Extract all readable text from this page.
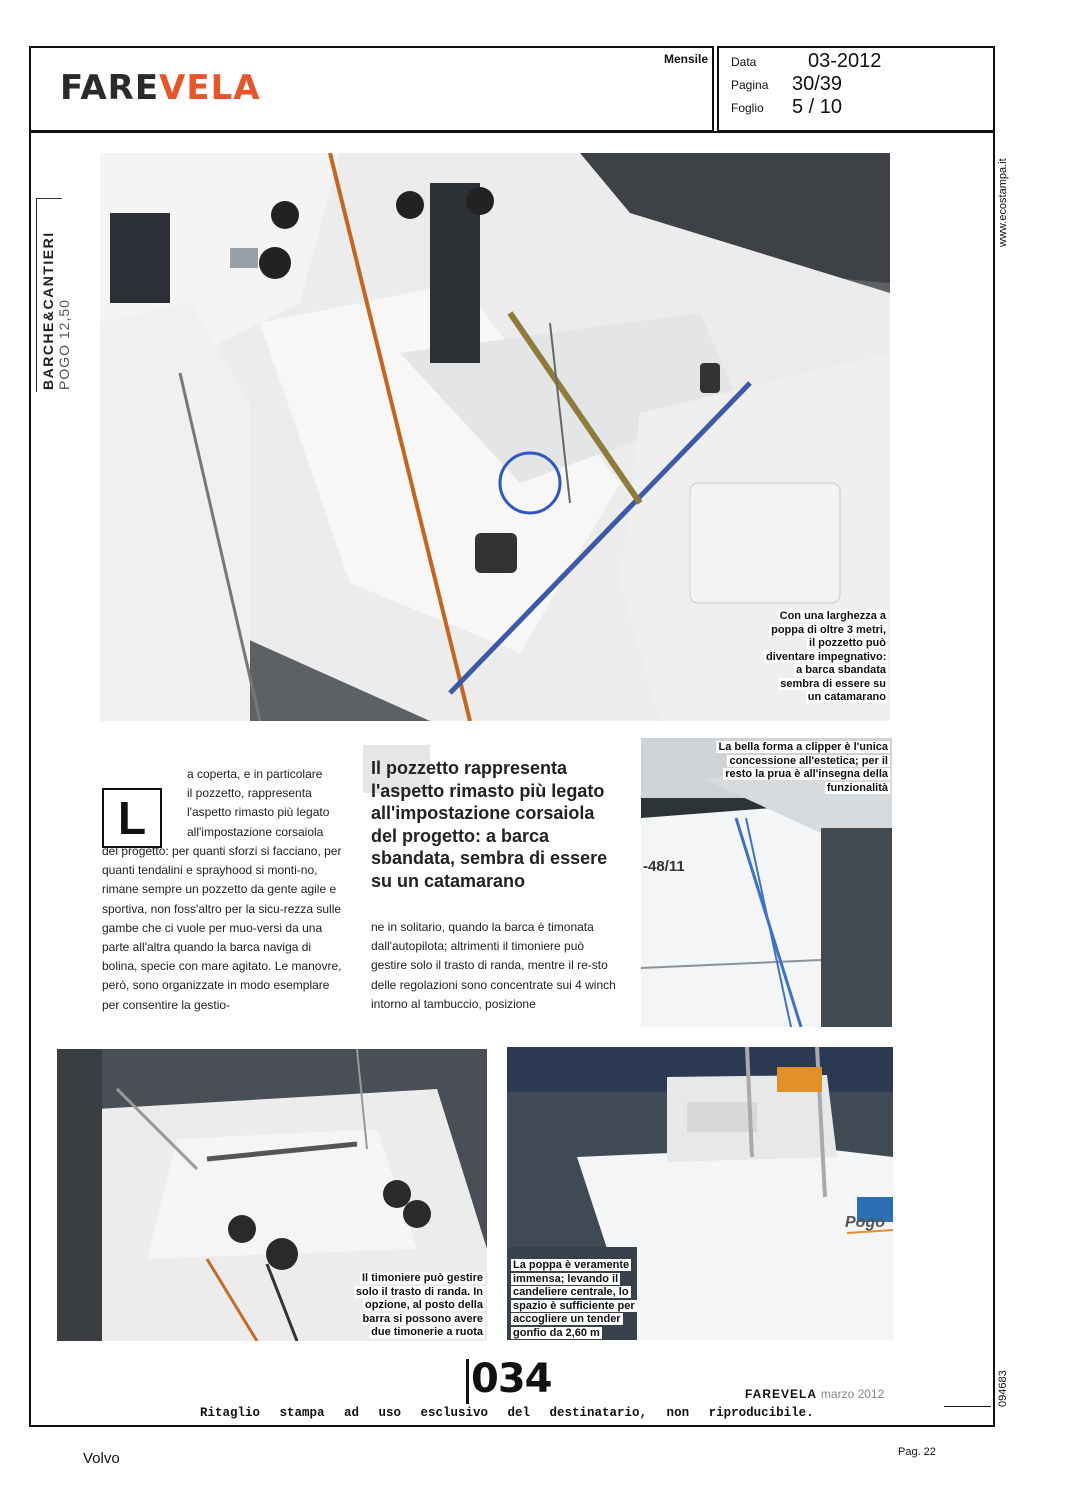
FAREVELA
Mensile Data	03-2012
Pagina 30/39
Foglio 5 / 10
BARCHE&CANTIERI POGO 12,50
www.ecostampa.it
094683
Con una larghezza a poppa di oltre 3 metri, il pozzetto può diventare impegnativo: a barca sbandata sembra di essere su un catamarano
L
a coperta, e in particolare
il pozzetto, rappresenta
l'aspetto rimasto più legato
all'impostazione corsaiola
del progetto: per quanti sforzi si facciano, per quanti tendalini e sprayhood si monti-no, rimane sempre un pozzetto da gente agile e sportiva, non foss'altro per la sicu-rezza sulle gambe che ci vuole per muo-versi da una parte all'altra quando la barca naviga di bolina, specie con mare agitato. Le manovre, però, sono organizzate in modo esemplare per consentire la gestio-
Il pozzetto rappresenta l'aspetto rimasto più legato all'impostazione corsaiola del progetto: a barca sbandata, sembra di essere su un catamarano
ne in solitario, quando la barca è timonata dall'autopilota; altrimenti il timoniere può gestire solo il trasto di randa, mentre il re-sto delle regolazioni sono concentrate sui 4 winch intorno al tambuccio, posizione
-48/11
La bella forma a clipper è l'unica concessione all'estetica; per il resto la prua è all'insegna della funzionalità
Il timoniere può gestire solo il trasto di randa. In opzione, al posto della barra si possono avere due timonerie a ruota
Pogo
La poppa è veramente immensa; levando il candeliere centrale, lo spazio è sufficiente per accogliere un tender gonfio da 2,60 m
034	FAREVELA marzo 2012
Ritaglio stampa ad uso esclusivo del destinatario, non riproducibile.
Volvo	Pag. 22
